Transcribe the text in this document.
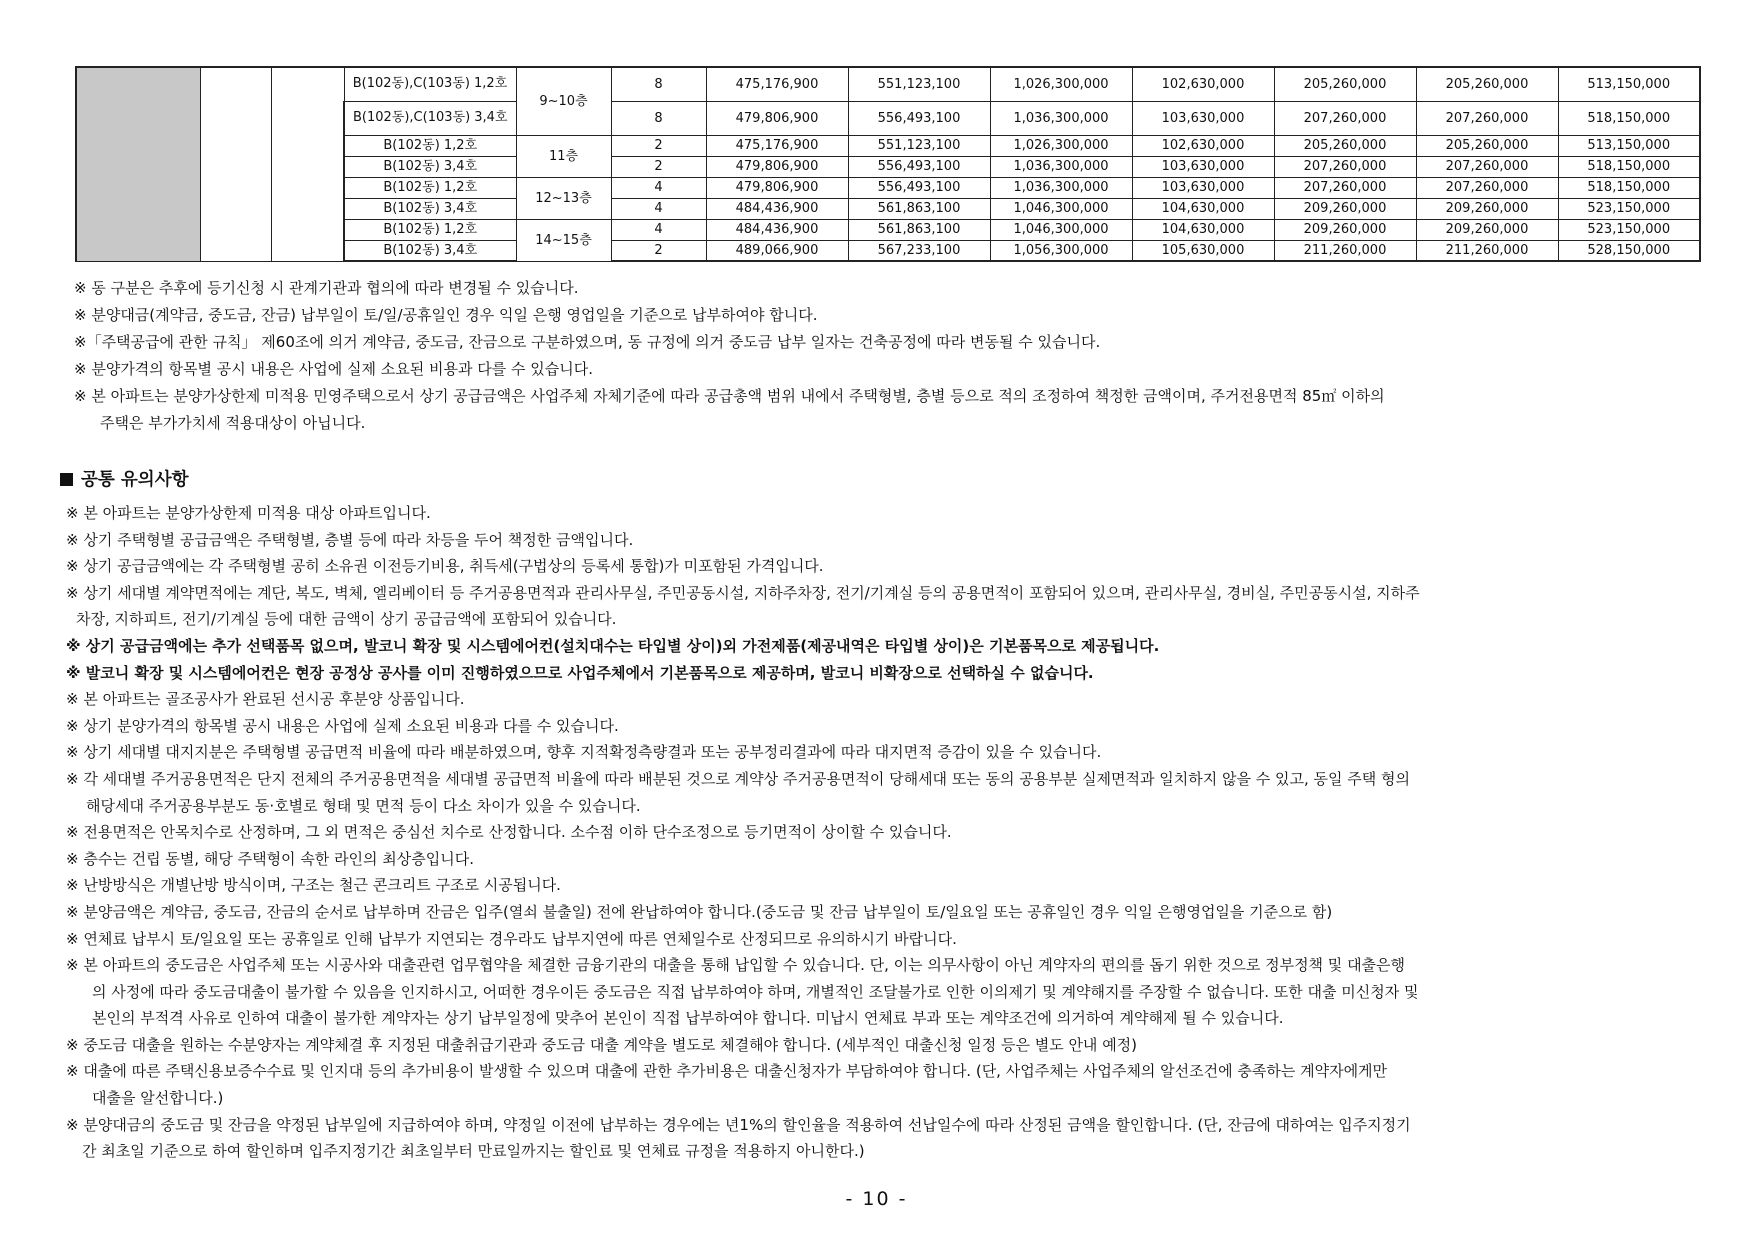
			B(102동),C(103동) 1,2호	9~10층	8	475,176,900	551,123,100	1,026,300,000	102,630,000	205,260,000	205,260,000	513,150,000
			B(102동),C(103동) 3,4호		8	479,806,900	556,493,100	1,036,300,000	103,630,000	207,260,000	207,260,000	518,150,000
			B(102동) 1,2호	11층	2	475,176,900	551,123,100	1,026,300,000	102,630,000	205,260,000	205,260,000	513,150,000
			B(102동) 3,4호		2	479,806,900	556,493,100	1,036,300,000	103,630,000	207,260,000	207,260,000	518,150,000
			B(102동) 1,2호	12~13층	4	479,806,900	556,493,100	1,036,300,000	103,630,000	207,260,000	207,260,000	518,150,000
			B(102동) 3,4호		4	484,436,900	561,863,100	1,046,300,000	104,630,000	209,260,000	209,260,000	523,150,000
			B(102동) 1,2호	14~15층	4	484,436,900	561,863,100	1,046,300,000	104,630,000	209,260,000	209,260,000	523,150,000
			B(102동) 3,4호		2	489,066,900	567,233,100	1,056,300,000	105,630,000	211,260,000	211,260,000	528,150,000
※ 동 구분은 추후에 등기신청 시 관계기관과 협의에 따라 변경될 수 있습니다.
※ 분양대금(계약금, 중도금, 잔금) 납부일이 토/일/공휴일인 경우 익일 은행 영업일을 기준으로 납부하여야 합니다.
※「주택공급에 관한 규칙」 제60조에 의거 계약금, 중도금, 잔금으로 구분하였으며, 동 규정에 의거 중도금 납부 일자는 건축공정에 따라 변동될 수 있습니다.
※ 분양가격의 항목별 공시 내용은 사업에 실제 소요된 비용과 다를 수 있습니다.
※ 본 아파트는 분양가상한제 미적용 민영주택으로서 상기 공급금액은 사업주체 자체기준에 따라 공급총액 범위 내에서 주택형별, 층별 등으로 적의 조정하여 책정한 금액이며, 주거전용면적 85㎡ 이하의
주택은 부가가치세 적용대상이 아닙니다.
공통 유의사항
※ 본 아파트는 분양가상한제 미적용 대상 아파트입니다.
※ 상기 주택형별 공급금액은 주택형별, 층별 등에 따라 차등을 두어 책정한 금액입니다.
※ 상기 공급금액에는 각 주택형별 공히 소유권 이전등기비용, 취득세(구법상의 등록세 통합)가 미포함된 가격입니다.
※ 상기 세대별 계약면적에는 계단, 복도, 벽체, 엘리베이터 등 주거공용면적과 관리사무실, 주민공동시설, 지하주차장, 전기/기계실 등의 공용면적이 포함되어 있으며, 관리사무실, 경비실, 주민공동시설, 지하주
차장, 지하피트, 전기/기계실 등에 대한 금액이 상기 공급금액에 포함되어 있습니다.
※ 상기 공급금액에는 추가 선택품목 없으며, 발코니 확장 및 시스템에어컨(설치대수는 타입별 상이)외 가전제품(제공내역은 타입별 상이)은 기본품목으로 제공됩니다.
※ 발코니 확장 및 시스템에어컨은 현장 공정상 공사를 이미 진행하였으므로 사업주체에서 기본품목으로 제공하며, 발코니 비확장으로 선택하실 수 없습니다.
※ 본 아파트는 골조공사가 완료된 선시공 후분양 상품입니다.
※ 상기 분양가격의 항목별 공시 내용은 사업에 실제 소요된 비용과 다를 수 있습니다.
※ 상기 세대별 대지지분은 주택형별 공급면적 비율에 따라 배분하였으며, 향후 지적확정측량결과 또는 공부정리결과에 따라 대지면적 증감이 있을 수 있습니다.
※ 각 세대별 주거공용면적은 단지 전체의 주거공용면적을 세대별 공급면적 비율에 따라 배분된 것으로 계약상 주거공용면적이 당해세대 또는 동의 공용부분 실제면적과 일치하지 않을 수 있고, 동일 주택 형의
해당세대 주거공용부분도 동·호별로 형태 및 면적 등이 다소 차이가 있을 수 있습니다.
※ 전용면적은 안목치수로 산정하며, 그 외 면적은 중심선 치수로 산정합니다. 소수점 이하 단수조정으로 등기면적이 상이할 수 있습니다.
※ 층수는 건립 동별, 해당 주택형이 속한 라인의 최상층입니다.
※ 난방방식은 개별난방 방식이며, 구조는 철근 콘크리트 구조로 시공됩니다.
※ 분양금액은 계약금, 중도금, 잔금의 순서로 납부하며 잔금은 입주(열쇠 불출일) 전에 완납하여야 합니다.(중도금 및 잔금 납부일이 토/일요일 또는 공휴일인 경우 익일 은행영업일을 기준으로 함)
※ 연체료 납부시 토/일요일 또는 공휴일로 인해 납부가 지연되는 경우라도 납부지연에 따른 연체일수로 산정되므로 유의하시기 바랍니다.
※ 본 아파트의 중도금은 사업주체 또는 시공사와 대출관련 업무협약을 체결한 금융기관의 대출을 통해 납입할 수 있습니다. 단, 이는 의무사항이 아닌 계약자의 편의를 돕기 위한 것으로 정부정책 및 대출은행
의 사정에 따라 중도금대출이 불가할 수 있음을 인지하시고, 어떠한 경우이든 중도금은 직접 납부하여야 하며, 개별적인 조달불가로 인한 이의제기 및 계약해지를 주장할 수 없습니다. 또한 대출 미신청자 및
본인의 부적격 사유로 인하여 대출이 불가한 계약자는 상기 납부일정에 맞추어 본인이 직접 납부하여야 합니다. 미납시 연체료 부과 또는 계약조건에 의거하여 계약해제 될 수 있습니다.
※ 중도금 대출을 원하는 수분양자는 계약체결 후 지정된 대출취급기관과 중도금 대출 계약을 별도로 체결해야 합니다. (세부적인 대출신청 일정 등은 별도 안내 예정)
※ 대출에 따른 주택신용보증수수료 및 인지대 등의 추가비용이 발생할 수 있으며 대출에 관한 추가비용은 대출신청자가 부담하여야 합니다. (단, 사업주체는 사업주체의 알선조건에 충족하는 계약자에게만
대출을 알선합니다.)
※ 분양대금의 중도금 및 잔금을 약정된 납부일에 지급하여야 하며, 약정일 이전에 납부하는 경우에는 년1%의 할인율을 적용하여 선납일수에 따라 산정된 금액을 할인합니다. (단, 잔금에 대하여는 입주지정기
간 최초일 기준으로 하여 할인하며 입주지정기간 최초일부터 만료일까지는 할인료 및 연체료 규정을 적용하지 아니한다.)
- 10 -
